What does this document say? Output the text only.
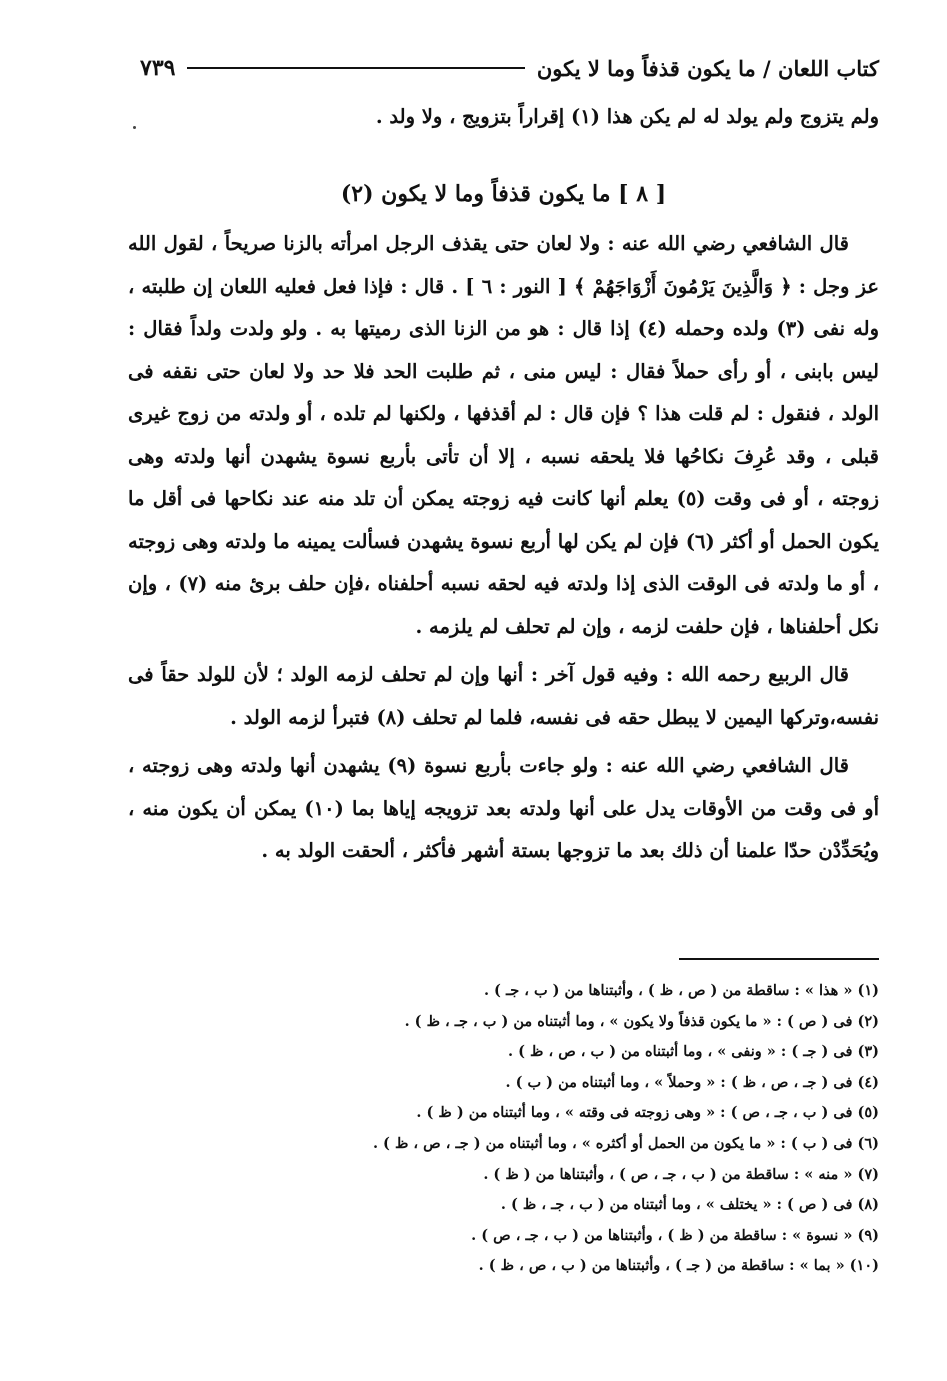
كتاب اللعان / ما يكون قذفاً وما لا يكون
٧٣٩

ولم يتزوج ولم يولد له لم يكن هذا (١) إقراراً بتزويج ، ولا ولد .

[ ٨ ] ما يكون قذفاً وما لا يكون (٢)

قال الشافعي رضي الله عنه : ولا لعان حتى يقذف الرجل امرأته بالزنا صريحاً ، لقول الله عز وجل : ﴿ وَالَّذِينَ يَرْمُونَ أَزْوَاجَهُمْ ﴾ [ النور : ٦ ] . قال : فإذا فعل فعليه اللعان إن طلبته ، وله نفى (٣) ولده وحمله (٤) إذا قال : هو من الزنا الذى رميتها به . ولو ولدت ولداً فقال : ليس بابنى ، أو رأى حملاً فقال : ليس منى ، ثم طلبت الحد فلا حد ولا لعان حتى نقفه فى الولد ، فنقول : لم قلت هذا ؟ فإن قال : لم أقذفها ، ولكنها لم تلده ، أو ولدته من زوج غيرى قبلى ، وقد عُرِفَ نكاحُها فلا يلحقه نسبه ، إلا أن تأتى بأربع نسوة يشهدن أنها ولدته وهى زوجته ، أو فى وقت (٥) يعلم أنها كانت فيه زوجته يمكن أن تلد منه عند نكاحها فى أقل ما يكون الحمل أو أكثر (٦) فإن لم يكن لها أربع نسوة يشهدن فسألت يمينه ما ولدته وهى زوجته ، أو ما ولدته فى الوقت الذى إذا ولدته فيه لحقه نسبه أحلفناه ،فإن حلف برئ منه (٧) ، وإن نكل أحلفناها ، فإن حلفت لزمه ، وإن لم تحلف لم يلزمه .

قال الربيع رحمه الله : وفيه قول آخر : أنها وإن لم تحلف لزمه الولد ؛ لأن للولد حقاً فى نفسه،وتركها اليمين لا يبطل حقه فى نفسه، فلما لم تحلف (٨) فتبرأ لزمه الولد .

قال الشافعي رضي الله عنه : ولو جاءت بأربع نسوة (٩) يشهدن أنها ولدته وهى زوجته ، أو فى وقت من الأوقات يدل على أنها ولدته بعد تزويجه إياها بما (١٠) يمكن أن يكون منه ، ويُحَدِّدْن حدّا علمنا أن ذلك بعد ما تزوجها بستة أشهر فأكثر ، ألحقت الولد به .

(١) « هذا » : ساقطة من ( ص ، ظ ) ، وأثبتناها من ( ب ، جـ ) .
(٢) فى ( ص ) : « ما يكون قذفاً ولا يكون » ، وما أثبتناه من ( ب ، جـ ، ظ ) .
(٣) فى ( جـ ) : « ونفى » ، وما أثبتناه من ( ب ، ص ، ظ ) .
(٤) فى ( جـ ، ص ، ظ ) : « وحملاً » ، وما أثبتناه من ( ب ) .
(٥) فى ( ب ، جـ ، ص ) : « وهى زوجته فى وقته » ، وما أثبتناه من ( ظ ) .
(٦) فى ( ب ) : « ما يكون من الحمل أو أكثره » ، وما أثبتناه من ( جـ ، ص ، ظ ) .
(٧) « منه » : ساقطة من ( ب ، جـ ، ص ) ، وأثبتناها من ( ظ ) .
(٨) فى ( ص ) : « يختلف » ، وما أثبتناه من ( ب ، جـ ، ظ ) .
(٩) « نسوة » : ساقطة من ( ظ ) ، وأثبتناها من ( ب ، جـ ، ص ) .
(١٠) « بما » : ساقطة من ( جـ ) ، وأثبتناها من ( ب ، ص ، ظ ) .
